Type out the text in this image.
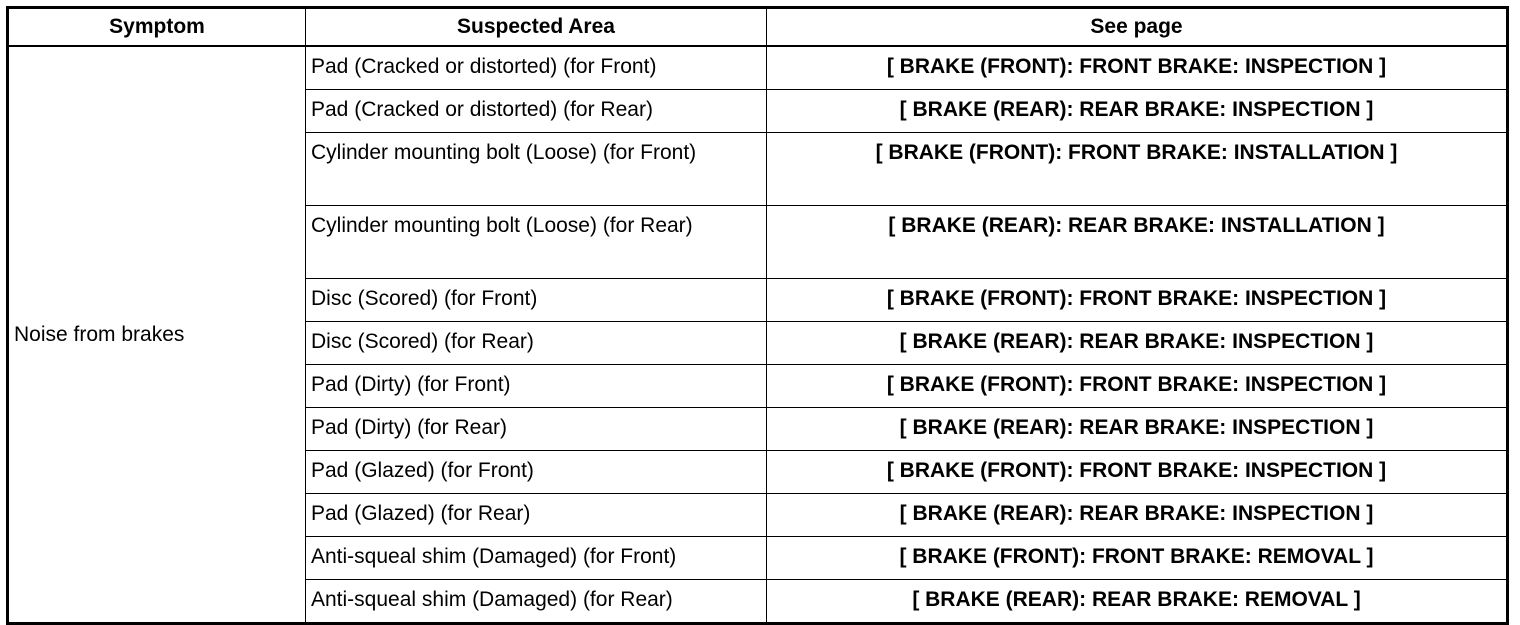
Symptom	Suspected Area	See page
Noise from brakes	Pad (Cracked or distorted) (for Front)	[ BRAKE (FRONT): FRONT BRAKE: INSPECTION ]
	Pad (Cracked or distorted) (for Rear)	[ BRAKE (REAR): REAR BRAKE: INSPECTION ]
	Cylinder mounting bolt (Loose) (for Front)	[ BRAKE (FRONT): FRONT BRAKE: INSTALLATION ]
	Cylinder mounting bolt (Loose) (for Rear)	[ BRAKE (REAR): REAR BRAKE: INSTALLATION ]
	Disc (Scored) (for Front)	[ BRAKE (FRONT): FRONT BRAKE: INSPECTION ]
	Disc (Scored) (for Rear)	[ BRAKE (REAR): REAR BRAKE: INSPECTION ]
	Pad (Dirty) (for Front)	[ BRAKE (FRONT): FRONT BRAKE: INSPECTION ]
	Pad (Dirty) (for Rear)	[ BRAKE (REAR): REAR BRAKE: INSPECTION ]
	Pad (Glazed) (for Front)	[ BRAKE (FRONT): FRONT BRAKE: INSPECTION ]
	Pad (Glazed) (for Rear)	[ BRAKE (REAR): REAR BRAKE: INSPECTION ]
	Anti-squeal shim (Damaged) (for Front)	[ BRAKE (FRONT): FRONT BRAKE: REMOVAL ]
	Anti-squeal shim (Damaged) (for Rear)	[ BRAKE (REAR): REAR BRAKE: REMOVAL ]
